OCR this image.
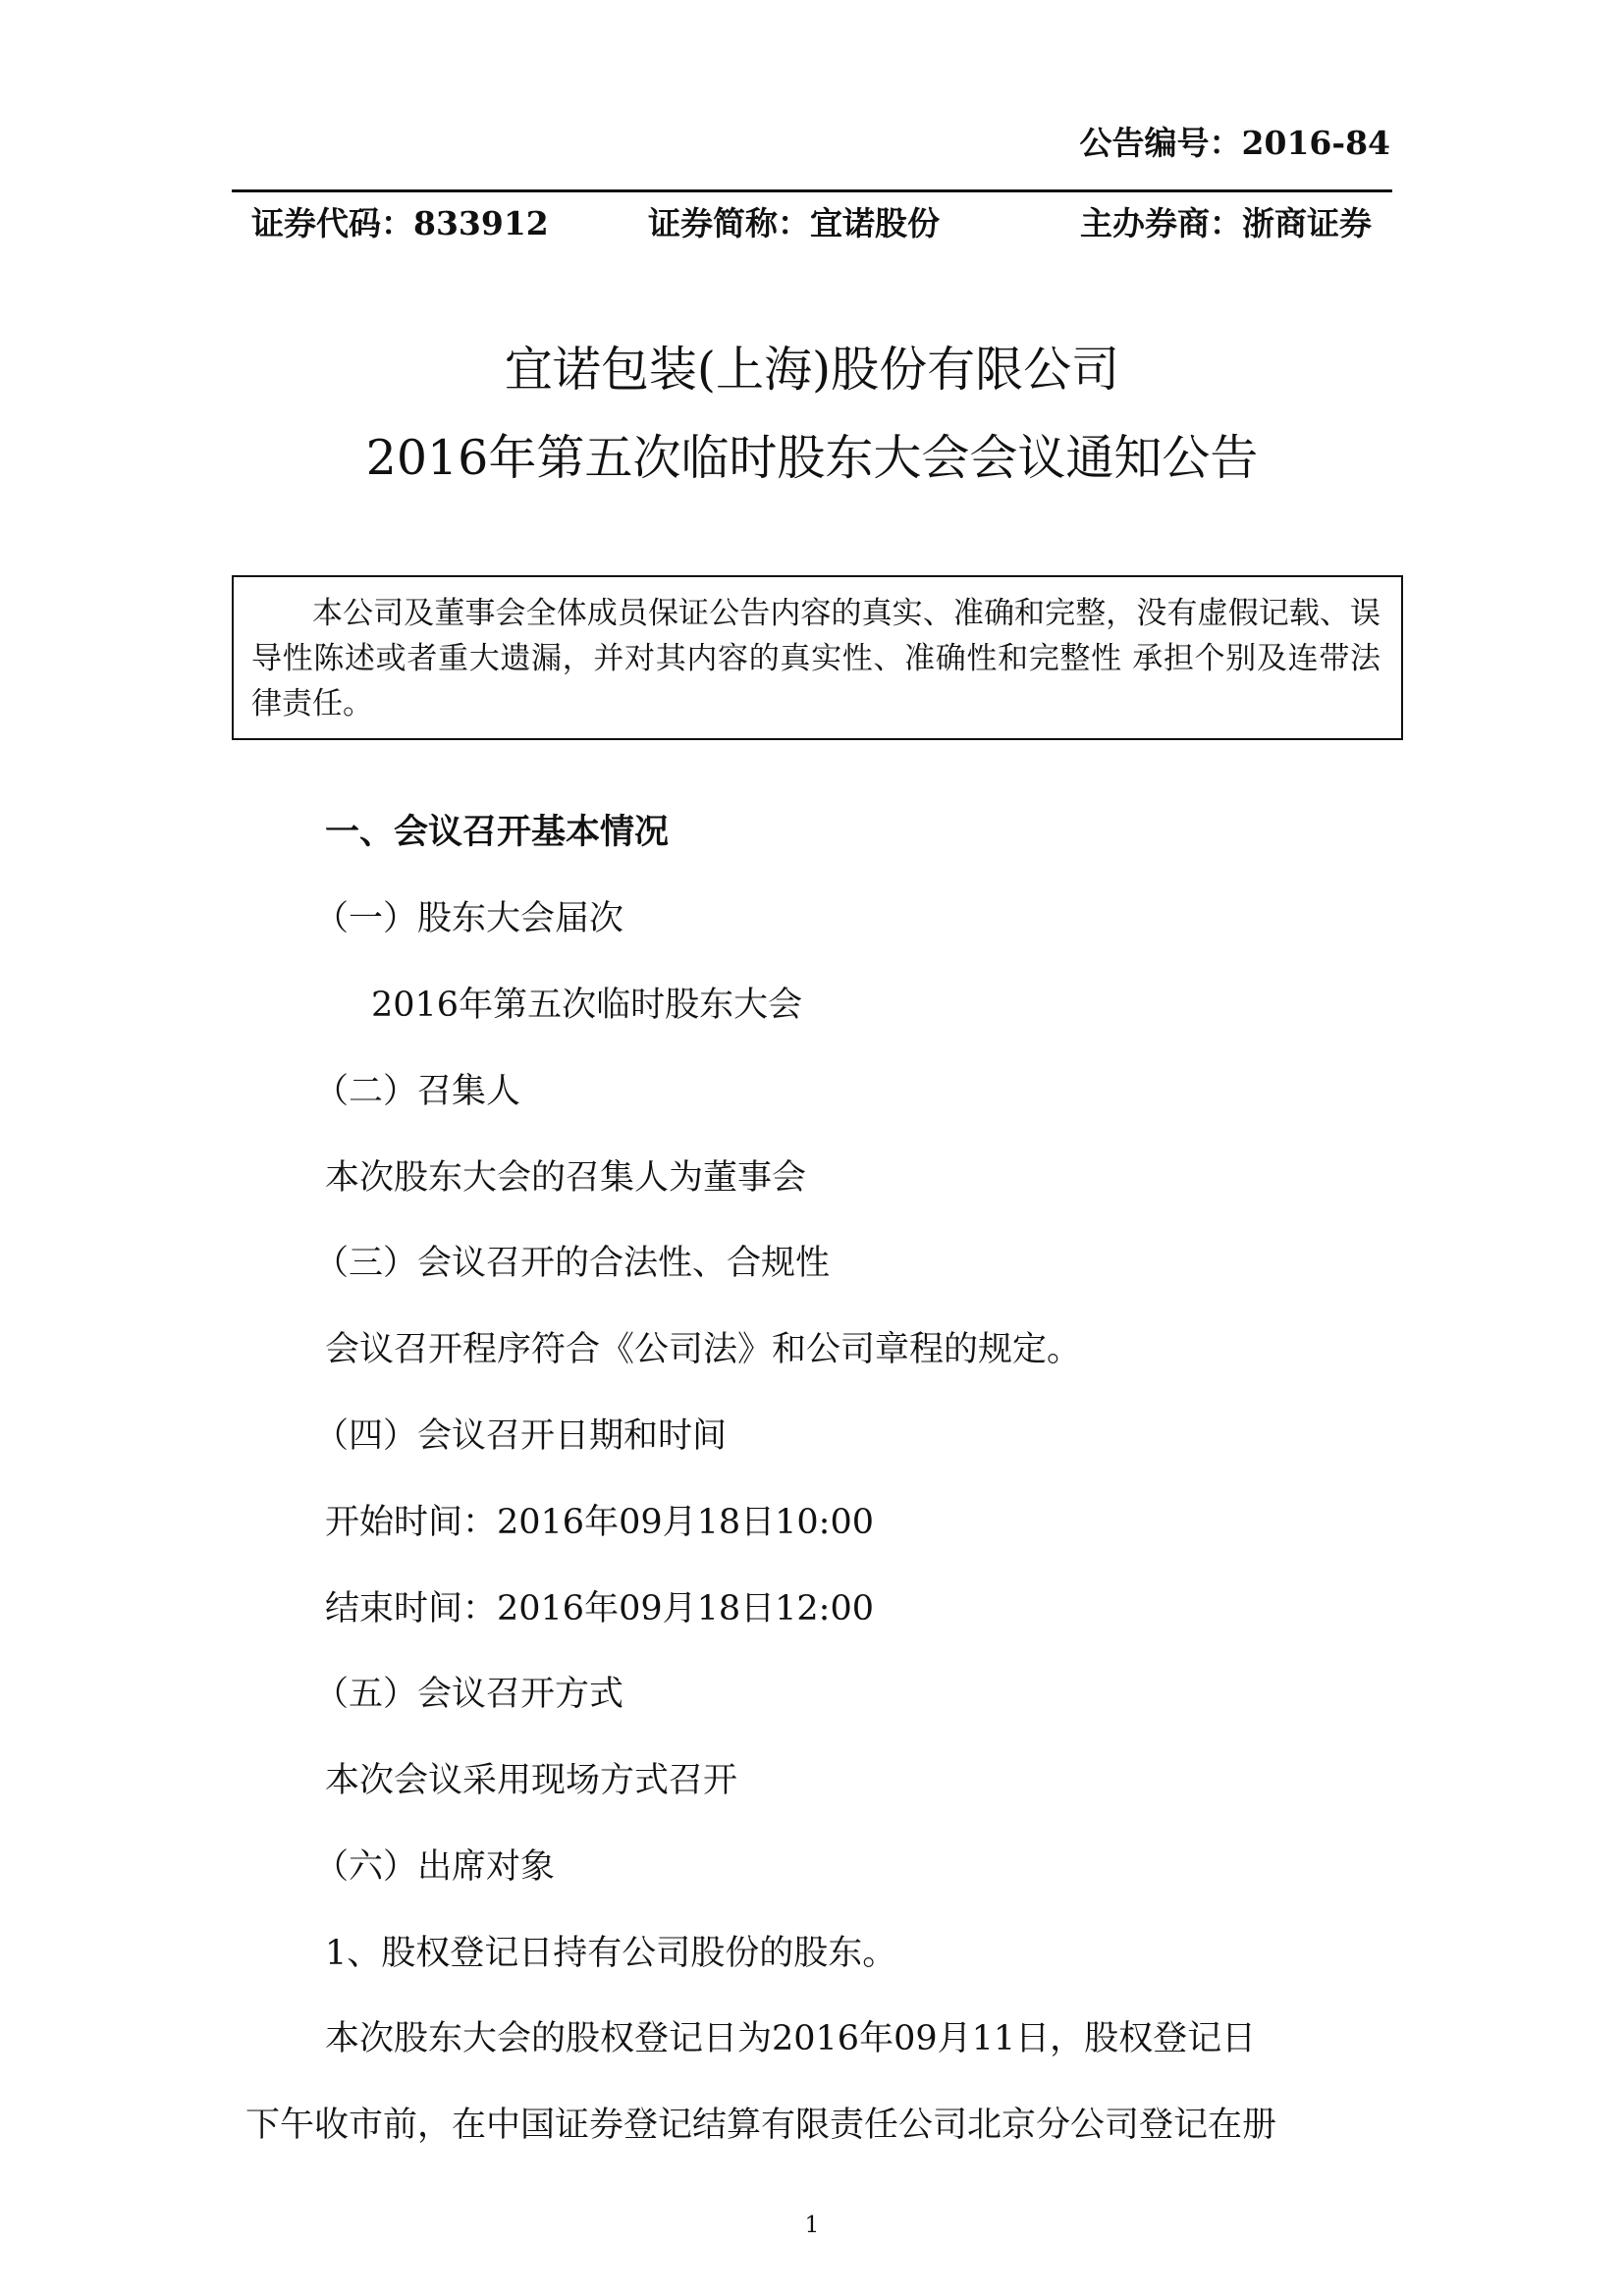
公告编号：2016-84
证券代码：833912	证券简称：宜诺股份	主办券商：浙商证券
宜诺包装(上海)股份有限公司
2016年第五次临时股东大会会议通知公告
本公司及董事会全体成员保证公告内容的真实、准确和完整，没有虚假记载、误导性陈述或者重大遗漏，并对其内容的真实性、准确性和完整性 承担个别及连带法律责任。
一、会议召开基本情况
（一）股东大会届次
2016年第五次临时股东大会
（二）召集人
本次股东大会的召集人为董事会
（三）会议召开的合法性、合规性
会议召开程序符合《公司法》和公司章程的规定。
（四）会议召开日期和时间
开始时间：2016年09月18日10:00
结束时间：2016年09月18日12:00
（五）会议召开方式
本次会议采用现场方式召开
（六）出席对象
1、股权登记日持有公司股份的股东。
本次股东大会的股权登记日为2016年09月11日，股权登记日
下午收市前，在中国证券登记结算有限责任公司北京分公司登记在册
1
